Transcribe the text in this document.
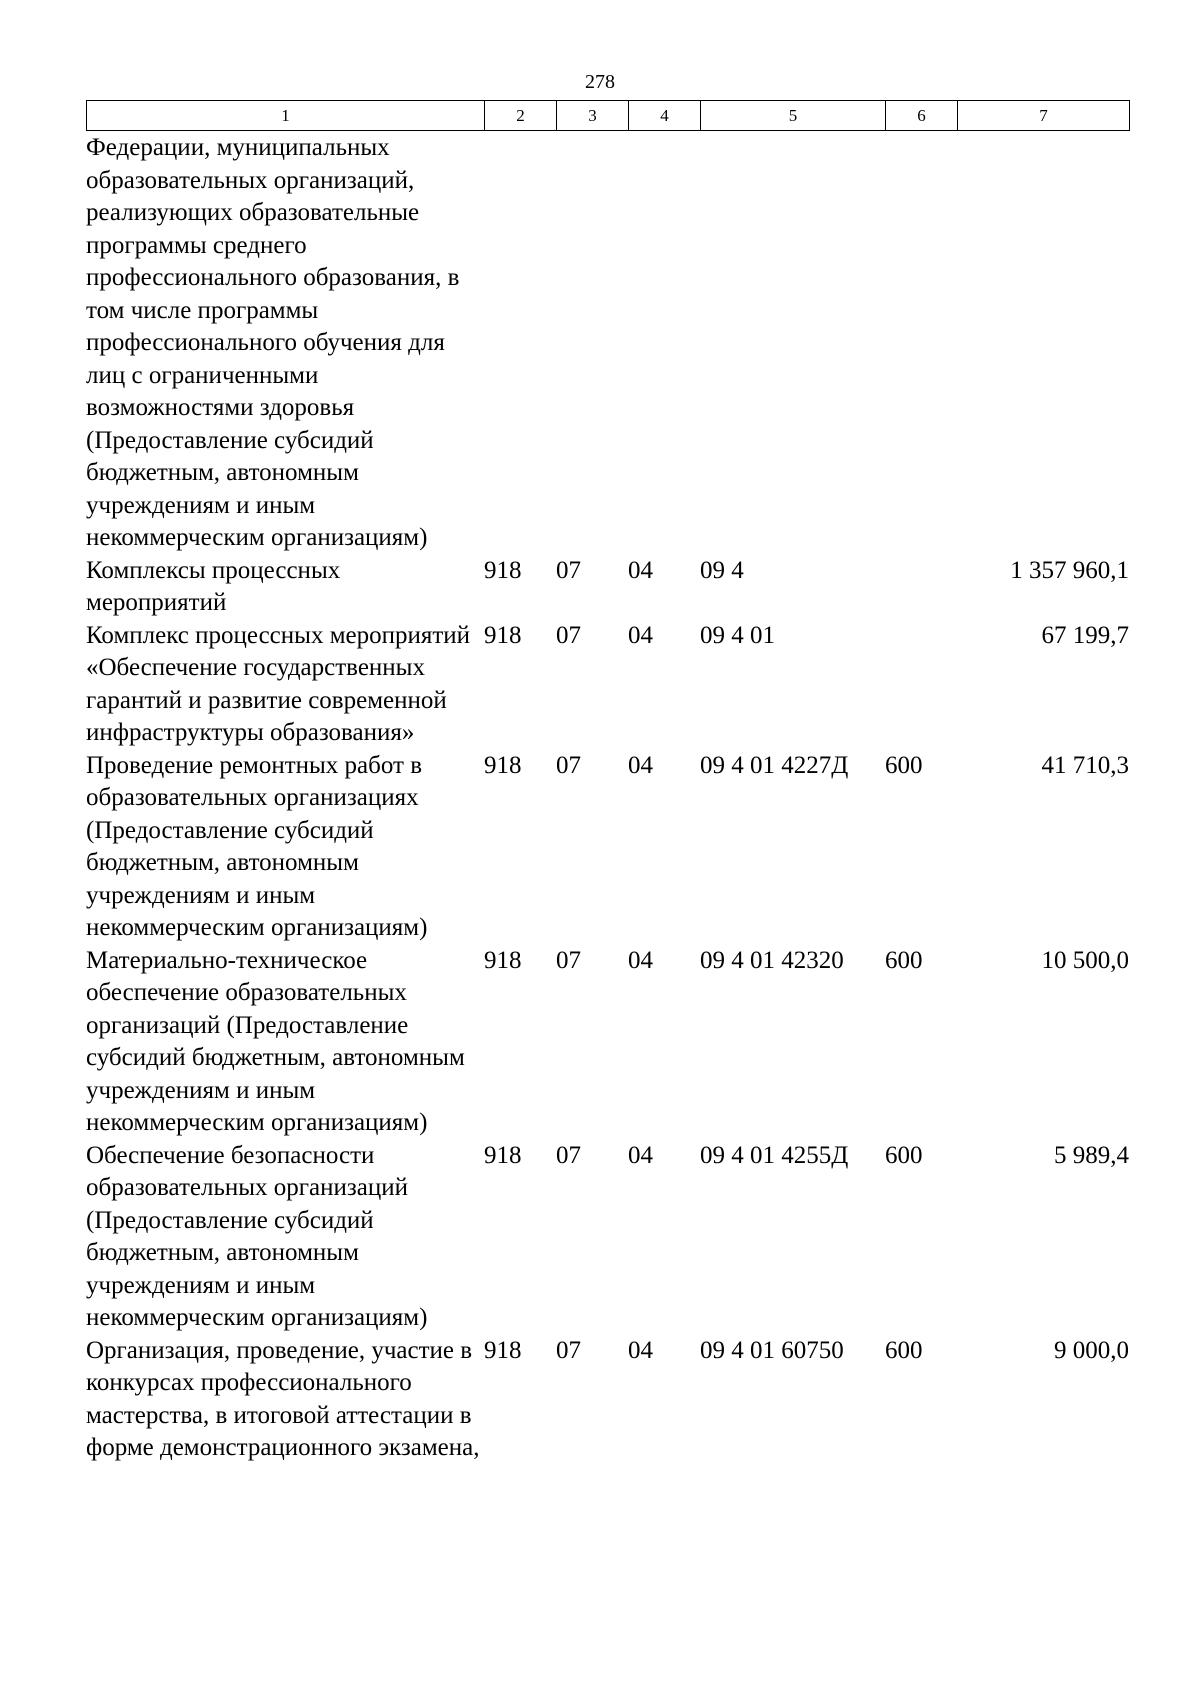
278
1	2	3	4	5	6	7
Федерации, муниципальных образовательных организаций, реализующих образовательные программы среднего профессионального образования, в том числе программы профессионального обучения для лиц с ограниченными возможностями здоровья (Предоставление субсидий бюджетным, автономным учреждениям и иным некоммерческим организациям)						
Комплексы процессных мероприятий	918	07	04	09 4		1 357 960,1
Комплекс процессных мероприятий «Обеспечение государственных гарантий и развитие современной инфраструктуры образования»	918	07	04	09 4 01		67 199,7
Проведение ремонтных работ в образовательных организациях (Предоставление субсидий бюджетным, автономным учреждениям и иным некоммерческим организациям)	918	07	04	09 4 01 4227Д	600	41 710,3
Материально-техническое обеспечение образовательных организаций (Предоставление субсидий бюджетным, автономным учреждениям и иным некоммерческим организациям)	918	07	04	09 4 01 42320	600	10 500,0
Обеспечение безопасности образовательных организаций (Предоставление субсидий бюджетным, автономным учреждениям и иным некоммерческим организациям)	918	07	04	09 4 01 4255Д	600	5 989,4
Организация, проведение, участие в конкурсах профессионального мастерства, в итоговой аттестации в форме демонстрационного экзамена,	918	07	04	09 4 01 60750	600	9 000,0
